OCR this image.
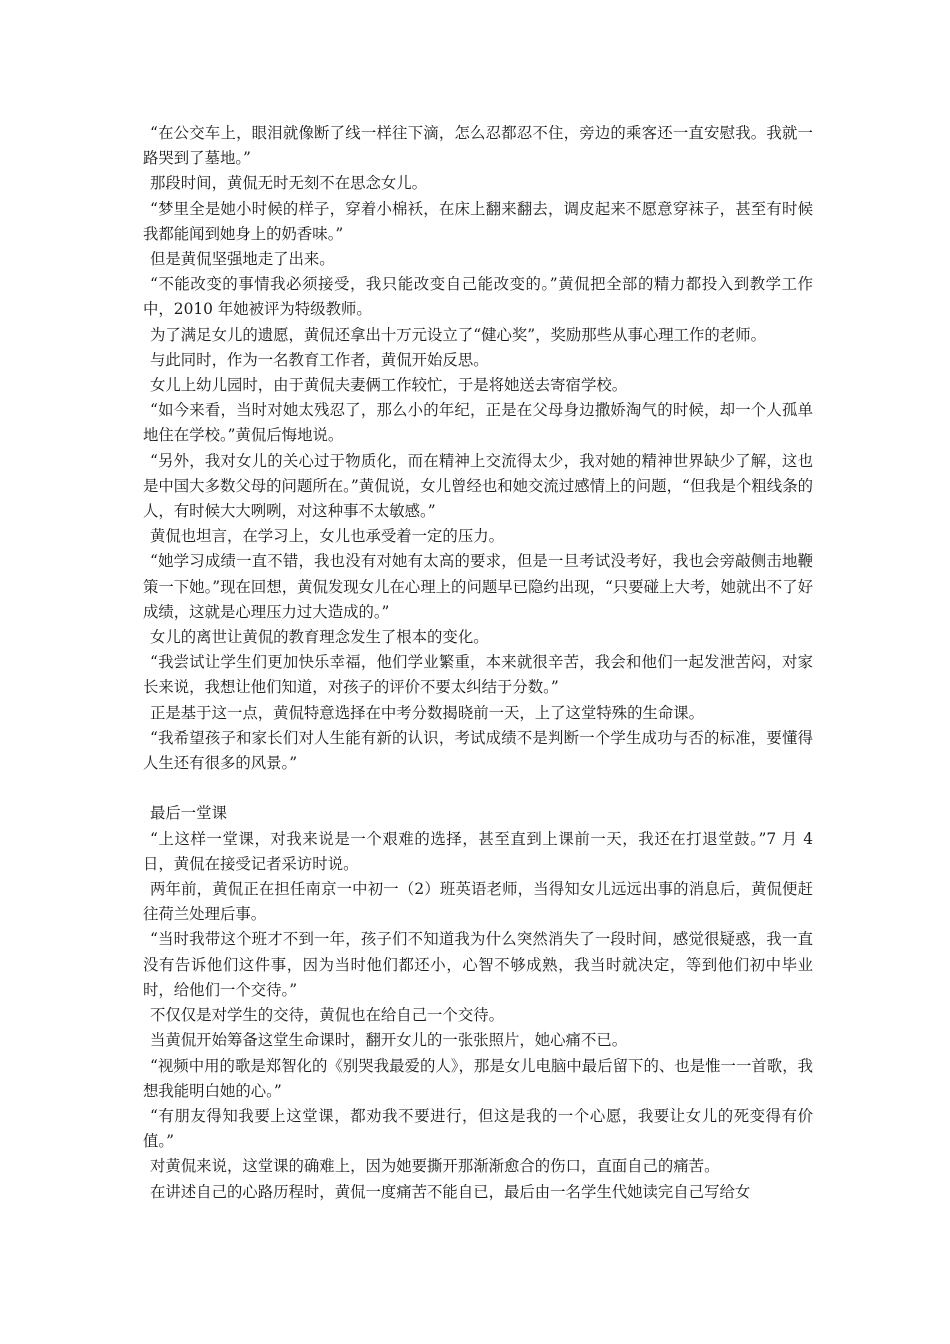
“在公交车上，眼泪就像断了线一样往下滴，怎么忍都忍不住，旁边的乘客还一直安慰我。我就一路哭到了墓地。”

那段时间，黄侃无时无刻不在思念女儿。

“梦里全是她小时候的样子，穿着小棉袄，在床上翻来翻去，调皮起来不愿意穿袜子，甚至有时候我都能闻到她身上的奶香味。”

但是黄侃坚强地走了出来。

“不能改变的事情我必须接受，我只能改变自己能改变的。”黄侃把全部的精力都投入到教学工作中，2010 年她被评为特级教师。

为了满足女儿的遗愿，黄侃还拿出十万元设立了“健心奖”，奖励那些从事心理工作的老师。

与此同时，作为一名教育工作者，黄侃开始反思。

女儿上幼儿园时，由于黄侃夫妻俩工作较忙，于是将她送去寄宿学校。

“如今来看，当时对她太残忍了，那么小的年纪，正是在父母身边撒娇淘气的时候，却一个人孤单地住在学校。”黄侃后悔地说。

“另外，我对女儿的关心过于物质化，而在精神上交流得太少，我对她的精神世界缺少了解，这也是中国大多数父母的问题所在。”黄侃说，女儿曾经也和她交流过感情上的问题，“但我是个粗线条的人，有时候大大咧咧，对这种事不太敏感。”

黄侃也坦言，在学习上，女儿也承受着一定的压力。

“她学习成绩一直不错，我也没有对她有太高的要求，但是一旦考试没考好，我也会旁敲侧击地鞭策一下她。”现在回想，黄侃发现女儿在心理上的问题早已隐约出现，“只要碰上大考，她就出不了好成绩，这就是心理压力过大造成的。”

女儿的离世让黄侃的教育理念发生了根本的变化。

“我尝试让学生们更加快乐幸福，他们学业繁重，本来就很辛苦，我会和他们一起发泄苦闷，对家长来说，我想让他们知道，对孩子的评价不要太纠结于分数。”

正是基于这一点，黄侃特意选择在中考分数揭晓前一天，上了这堂特殊的生命课。

“我希望孩子和家长们对人生能有新的认识，考试成绩不是判断一个学生成功与否的标准，要懂得人生还有很多的风景。”

最后一堂课

“上这样一堂课，对我来说是一个艰难的选择，甚至直到上课前一天，我还在打退堂鼓。”7 月 4 日，黄侃在接受记者采访时说。

两年前，黄侃正在担任南京一中初一（2）班英语老师，当得知女儿远远出事的消息后，黄侃便赶往荷兰处理后事。

“当时我带这个班才不到一年，孩子们不知道我为什么突然消失了一段时间，感觉很疑惑，我一直没有告诉他们这件事，因为当时他们都还小，心智不够成熟，我当时就决定，等到他们初中毕业时，给他们一个交待。”

不仅仅是对学生的交待，黄侃也在给自己一个交待。

当黄侃开始筹备这堂生命课时，翻开女儿的一张张照片，她心痛不已。

“视频中用的歌是郑智化的《别哭我最爱的人》，那是女儿电脑中最后留下的、也是惟一一首歌，我想我能明白她的心。”

“有朋友得知我要上这堂课，都劝我不要进行，但这是我的一个心愿，我要让女儿的死变得有价值。”

对黄侃来说，这堂课的确难上，因为她要撕开那渐渐愈合的伤口，直面自己的痛苦。

在讲述自己的心路历程时，黄侃一度痛苦不能自已，最后由一名学生代她读完自己写给女
